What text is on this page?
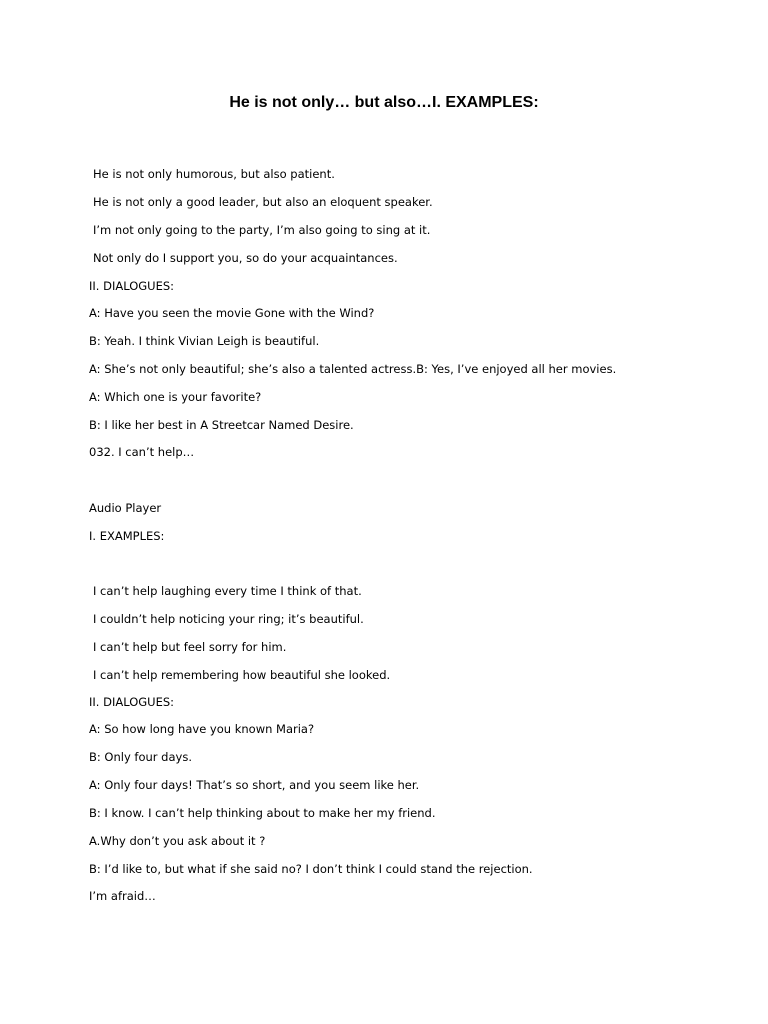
He is not only… but also…I. EXAMPLES:
He is not only humorous, but also patient.
He is not only a good leader, but also an eloquent speaker.
I’m not only going to the party, I’m also going to sing at it.
Not only do I support you, so do your acquaintances.
II. DIALOGUES:
A: Have you seen the movie Gone with the Wind?
B: Yeah. I think Vivian Leigh is beautiful.
A: She’s not only beautiful; she’s also a talented actress.B: Yes, I’ve enjoyed all her movies.
A: Which one is your favorite?
B: I like her best in A Streetcar Named Desire.
032. I can’t help…
Audio Player
I. EXAMPLES:
I can’t help laughing every time I think of that.
I couldn’t help noticing your ring; it’s beautiful.
I can’t help but feel sorry for him.
I can’t help remembering how beautiful she looked.
II. DIALOGUES:
A: So how long have you known Maria?
B: Only four days.
A: Only four days! That’s so short, and you seem like her.
B: I know. I can’t help thinking about to make her my friend.
A.Why don’t you ask about it ?
B: I’d like to, but what if she said no? I don’t think I could stand the rejection.
I’m afraid…
